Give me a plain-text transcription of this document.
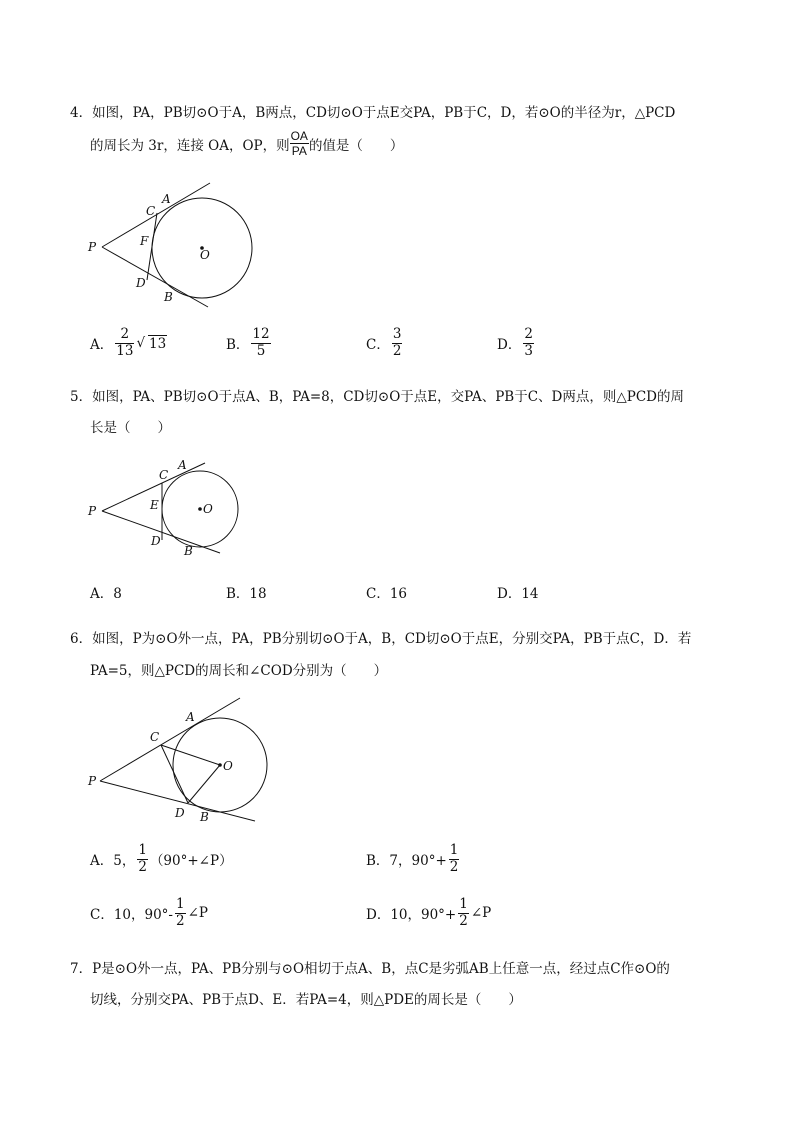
4．如图，PA，PB切⊙O于A，B两点，CD切⊙O于点E交PA，PB于C，D，若⊙O的半径为r，△PCD
的周长为 3r，连接 OA，OP，则 $\frac{OA}{PA}$ 的值是（　　）
P
A
C
F
O
D
B
A． $\frac{2}{13}$ √ 13	B． $\frac{12}{5}$	C． $\frac{3}{2}$	D． $\frac{2}{3}$
5．如图，PA、PB切⊙O于点A、B，PA=8，CD切⊙O于点E，交PA、PB于C、D两点，则△PCD的周
长是（　　）
P
A
C
E	O
D
B
A．8	B．18	C．16	D．14
6．如图，P为⊙O外一点，PA，PB分别切⊙O于A，B，CD切⊙O于点E，分别交PA，PB于点C，D．若
PA=5，则△PCD的周长和∠COD分别为（　　）
P
A
C
O
D B
A．5， $\frac{1}{2}$ （90°+∠P）	B．7，$90^\circ+ \frac{1}{2}$
C．10，$90^\circ- \frac{1}{2}$ ∠P	D．10，$90^\circ+ \frac{1}{2}$ ∠P
7．P是⊙O外一点，PA、PB分别与⊙O相切于点A、B，点C是劣弧AB上任意一点，经过点C作⊙O的
切线，分别交PA、PB于点D、E．若PA=4，则△PDE的周长是（　　）
